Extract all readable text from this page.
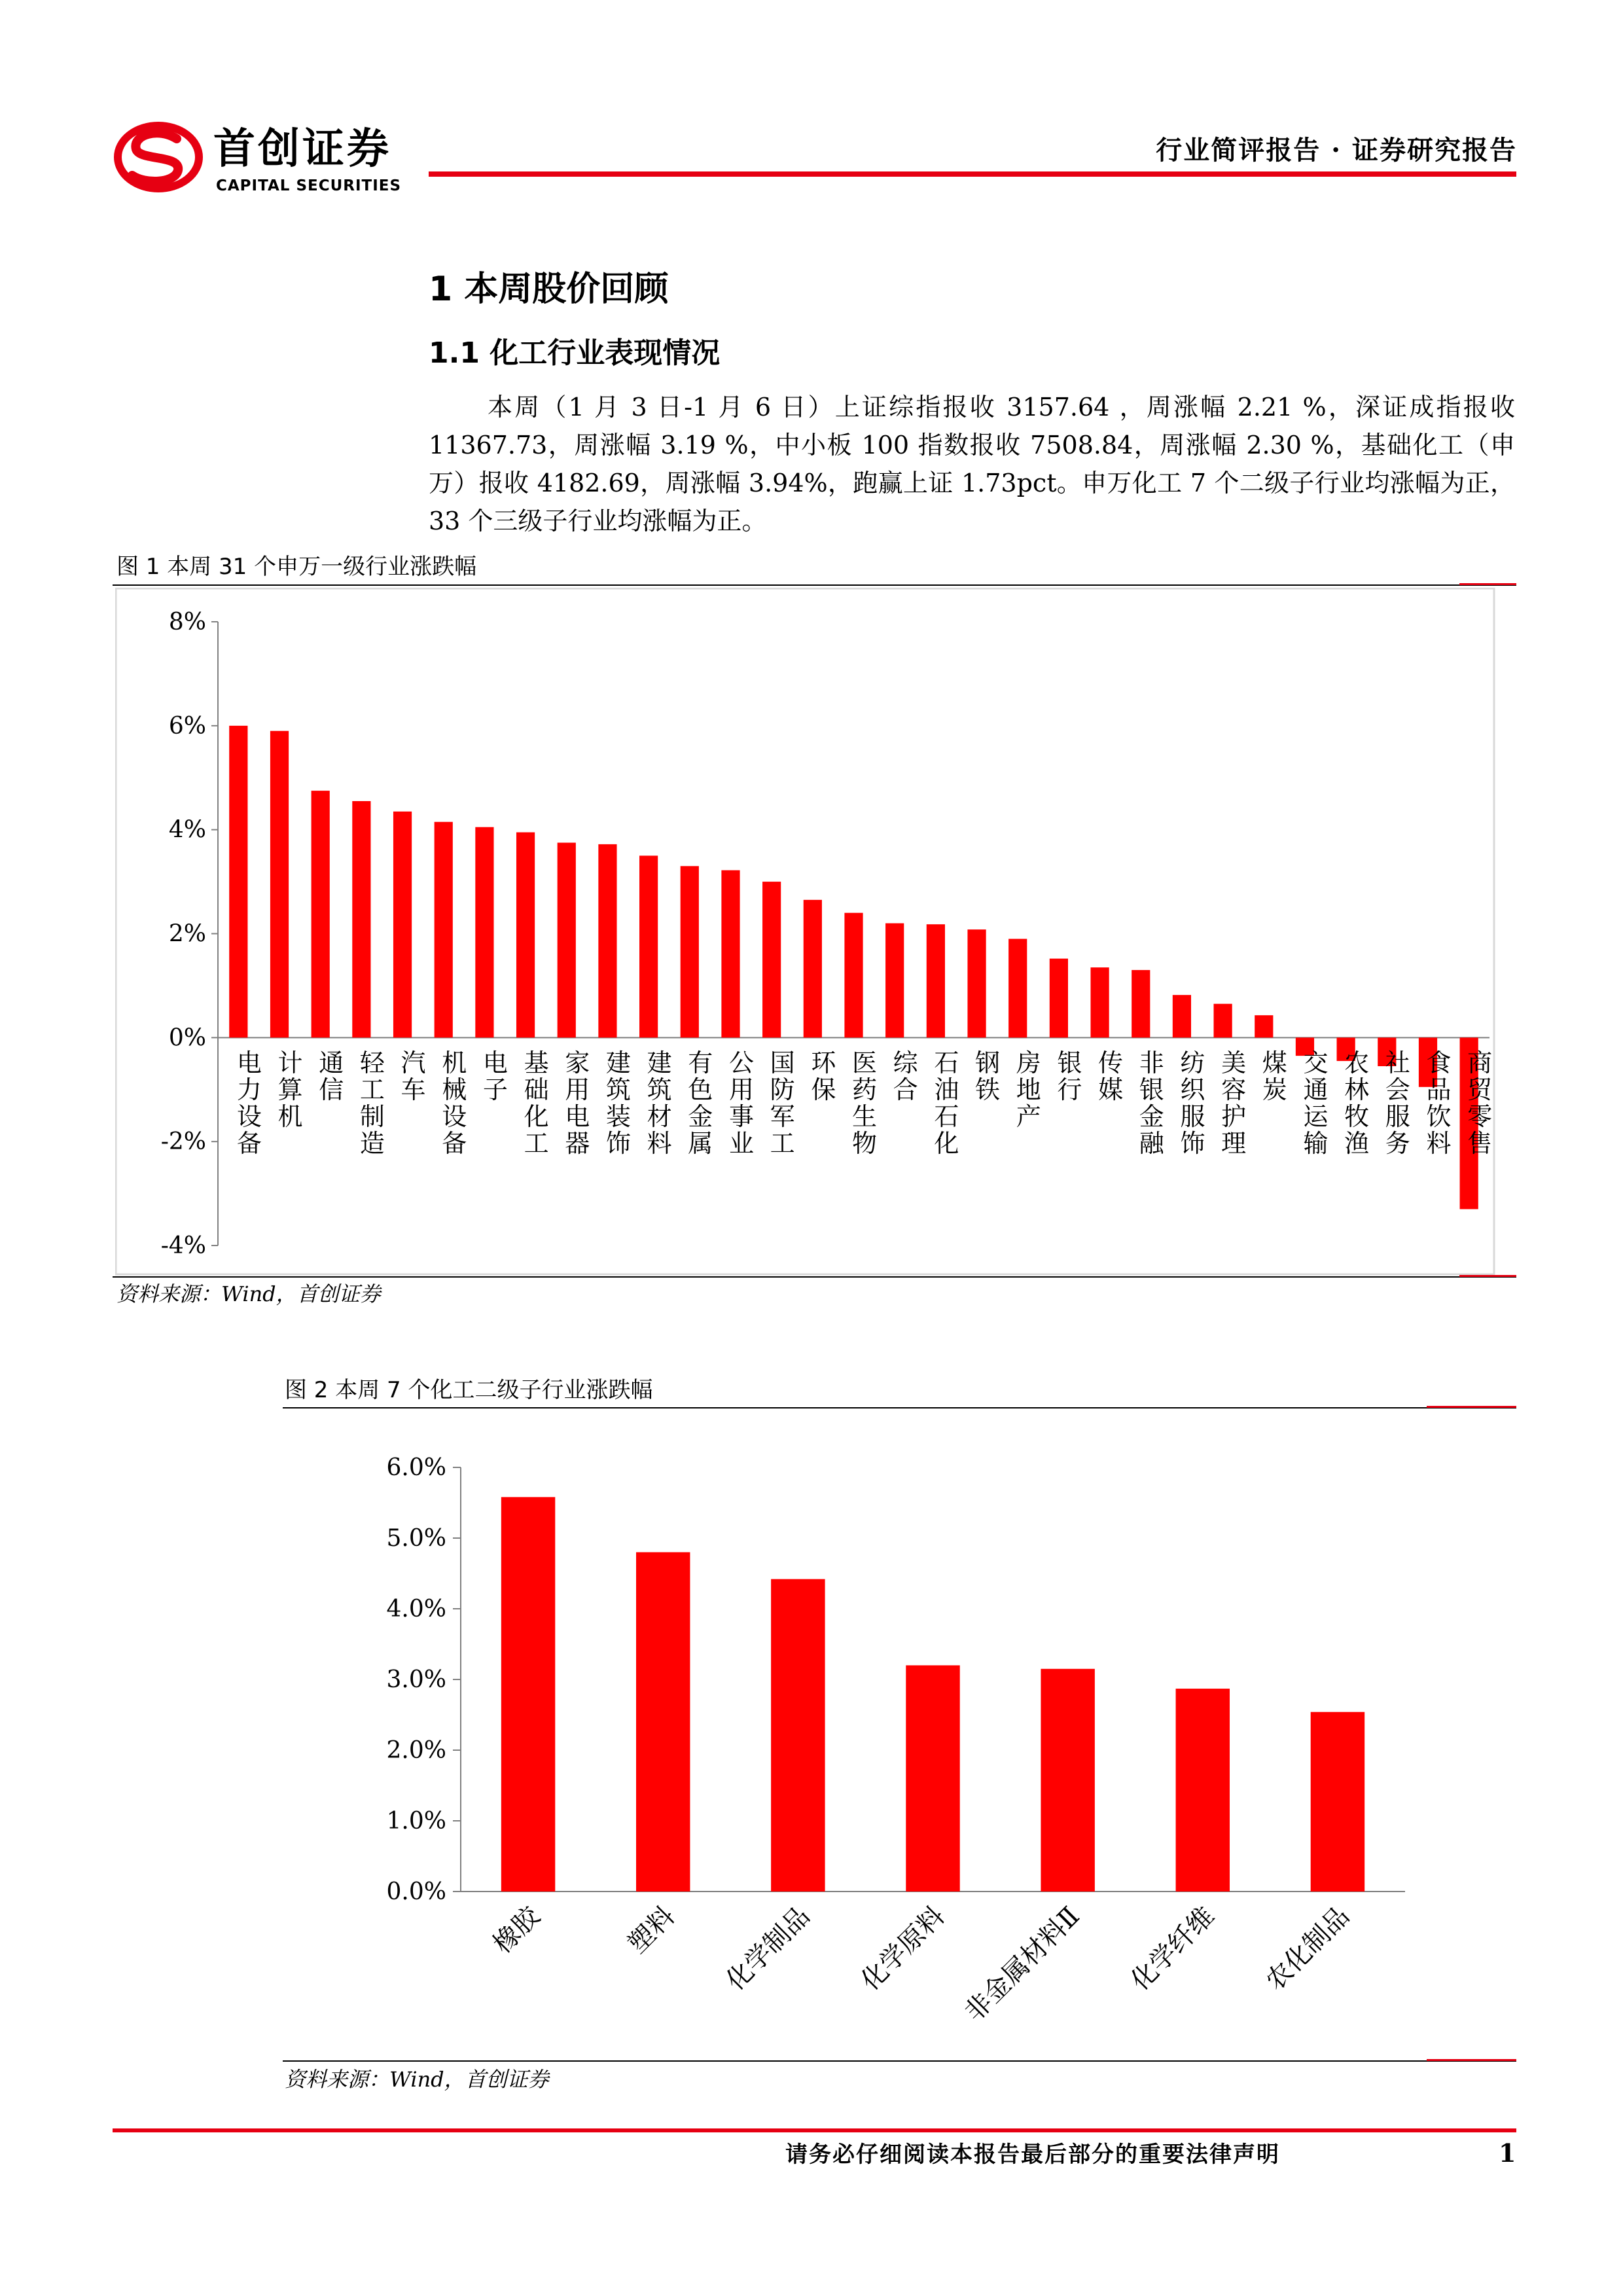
首创证券
CAPITAL SECURITIES
行业简评报告 · 证券研究报告
1 本周股价回顾
1.1 化工行业表现情况
本周（1 月 3 日-1 月 6 日）上证综指报收 3157.64 ，周涨幅 2.21 %，深证成指报收 11367.73，周涨幅 3.19 %，中小板 100 指数报收 7508.84，周涨幅 2.30 %，基础化工（申万）报收 4182.69，周涨幅 3.94%，跑赢上证 1.73pct。申万化工 7 个二级子行业均涨幅为正，33 个三级子行业均涨幅为正。
图 1 本周 31 个申万一级行业涨跌幅
8%
6%
4%
2%
0%
-2%
-4%
电力设备 计算机 通信 轻工制造 汽车 机械设备 电子 基础化工 家用电器 建筑装饰 建筑材料 有色金属 公用事业 国防军工 环保 医药生物 综合 石油石化 钢铁 房地产 银行 传媒 非银金融 纺织服饰 美容护理 煤炭 交通运输 农林牧渔 社会服务 食品饮料 商贸零售
资料来源：Wind，首创证券
图 2 本周 7 个化工二级子行业涨跌幅
6.0%
5.0%
4.0%
3.0%
2.0%
1.0%
0.0%
橡胶	塑料 化学制品 化学原料 非金属材料Ⅱ 化学纤维 农化制品
资料来源：Wind，首创证券
请务必仔细阅读本报告最后部分的重要法律声明	1
